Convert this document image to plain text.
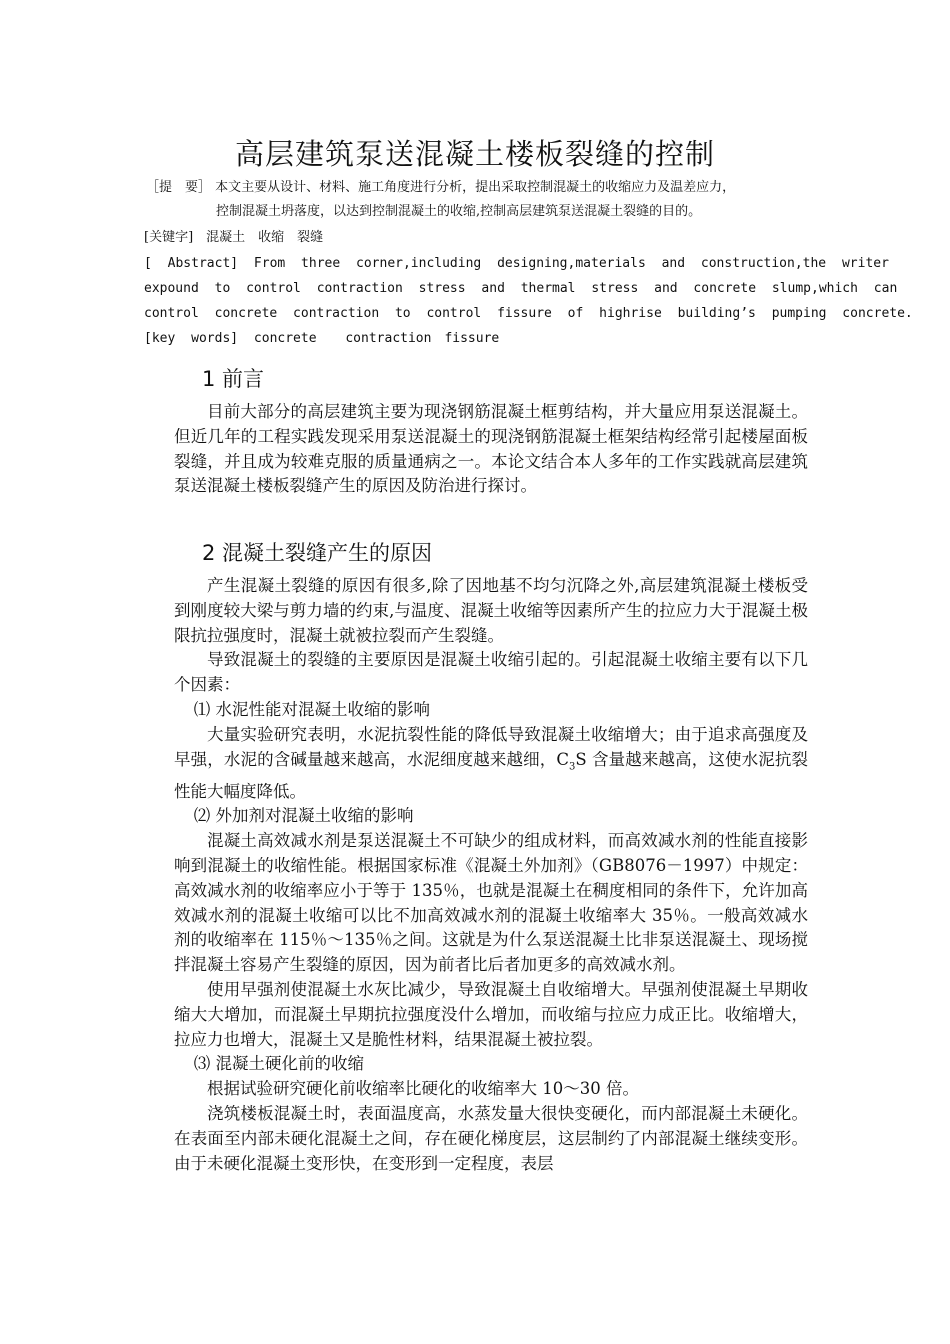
高层建筑泵送混凝土楼板裂缝的控制
［提　要］ 本文主要从设计、材料、施工角度进行分析，提出采取控制混凝土的收缩应力及温差应力，
控制混凝土坍落度，以达到控制混凝土的收缩,控制高层建筑泵送混凝土裂缝的目的。
[关键字]　混凝土　收缩　裂缝
[ Abstract] From three corner,including designing,materials and construction,the writer
expound to control contraction stress and thermal stress and concrete slump,which can
control concrete contraction to control fissure of highrise building’s pumping concrete.
[key words] concrete　 contraction　fissure
1 前言

目前大部分的高层建筑主要为现浇钢筋混凝土框剪结构，并大量应用泵送混凝土。但近几年的工程实践发现采用泵送混凝土的现浇钢筋混凝土框架结构经常引起楼屋面板裂缝，并且成为较难克服的质量通病之一。本论文结合本人多年的工作实践就高层建筑泵送混凝土楼板裂缝产生的原因及防治进行探讨。

2 混凝土裂缝产生的原因

产生混凝土裂缝的原因有很多,除了因地基不均匀沉降之外,高层建筑混凝土楼板受到刚度较大梁与剪力墙的约束,与温度、混凝土收缩等因素所产生的拉应力大于混凝土极限抗拉强度时，混凝土就被拉裂而产生裂缝。

导致混凝土的裂缝的主要原因是混凝土收缩引起的。引起混凝土收缩主要有以下几个因素：

⑴ 水泥性能对混凝土收缩的影响

大量实验研究表明，水泥抗裂性能的降低导致混凝土收缩增大；由于追求高强度及早强，水泥的含碱量越来越高，水泥细度越来越细，$C_3S$ 含量越来越高，这使水泥抗裂性能大幅度降低。

⑵ 外加剂对混凝土收缩的影响

混凝土高效减水剂是泵送混凝土不可缺少的组成材料，而高效减水剂的性能直接影响到混凝土的收缩性能。根据国家标准《混凝土外加剂》（GB8076－1997）中规定：高效减水剂的收缩率应小于等于 135％，也就是混凝土在稠度相同的条件下，允许加高效减水剂的混凝土收缩可以比不加高效减水剂的混凝土收缩率大 35％。一般高效减水剂的收缩率在 115％～135％之间。这就是为什么泵送混凝土比非泵送混凝土、现场搅拌混凝土容易产生裂缝的原因，因为前者比后者加更多的高效减水剂。

使用早强剂使混凝土水灰比减少，导致混凝土自收缩增大。早强剂使混凝土早期收缩大大增加，而混凝土早期抗拉强度没什么增加，而收缩与拉应力成正比。收缩增大，拉应力也增大，混凝土又是脆性材料，结果混凝土被拉裂。

⑶ 混凝土硬化前的收缩

根据试验研究硬化前收缩率比硬化的收缩率大 10～30 倍。

浇筑楼板混凝土时，表面温度高，水蒸发量大很快变硬化，而内部混凝土未硬化。在表面至内部未硬化混凝土之间，存在硬化梯度层，这层制约了内部混凝土继续变形。由于未硬化混凝土变形快，在变形到一定程度，表层
